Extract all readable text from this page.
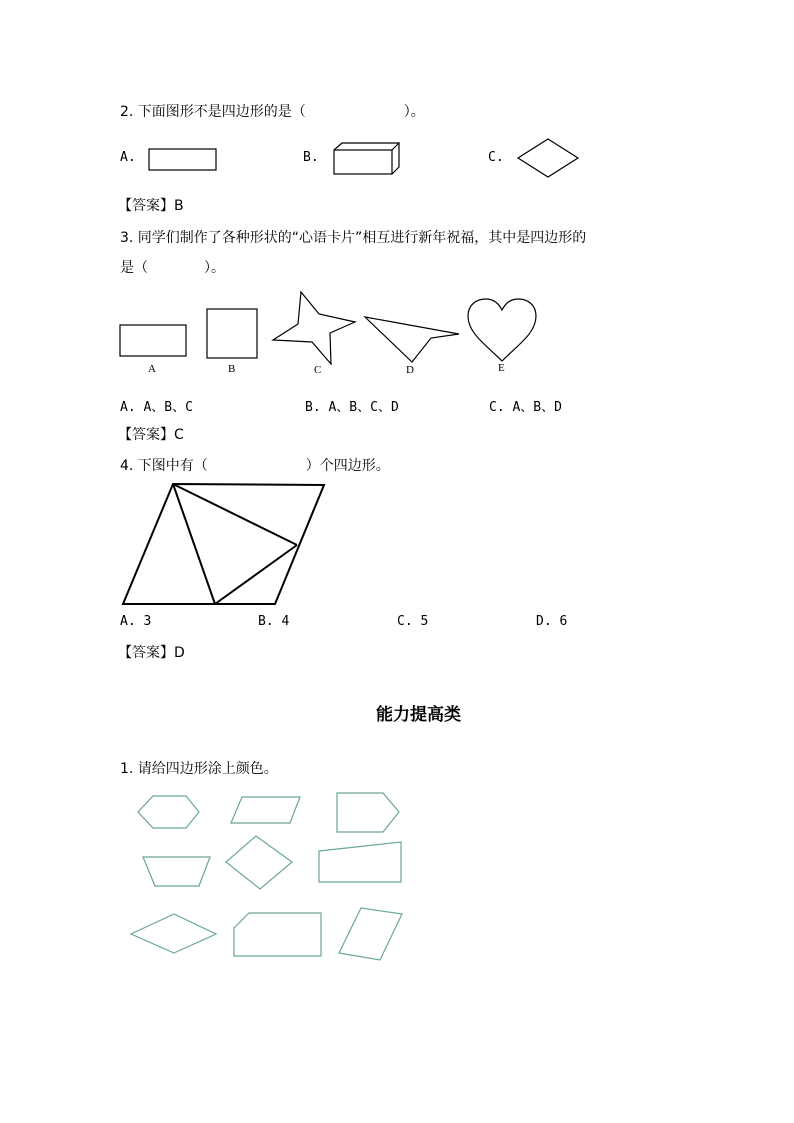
2. 下面图形不是四边形的是（　　　　　　　）。
A.	B.	C.
【答案】B
3. 同学们制作了各种形状的“心语卡片”相互进行新年祝福，其中是四边形的
是（　　　　）。
A	B	C	D	E
A. A、B、C	B. A、B、C、D	C. A、B、D
【答案】C
4. 下图中有（　　　　　　　）个四边形。
A. 3	B. 4	C. 5	D. 6
【答案】D
能力提高类
1. 请给四边形涂上颜色。
